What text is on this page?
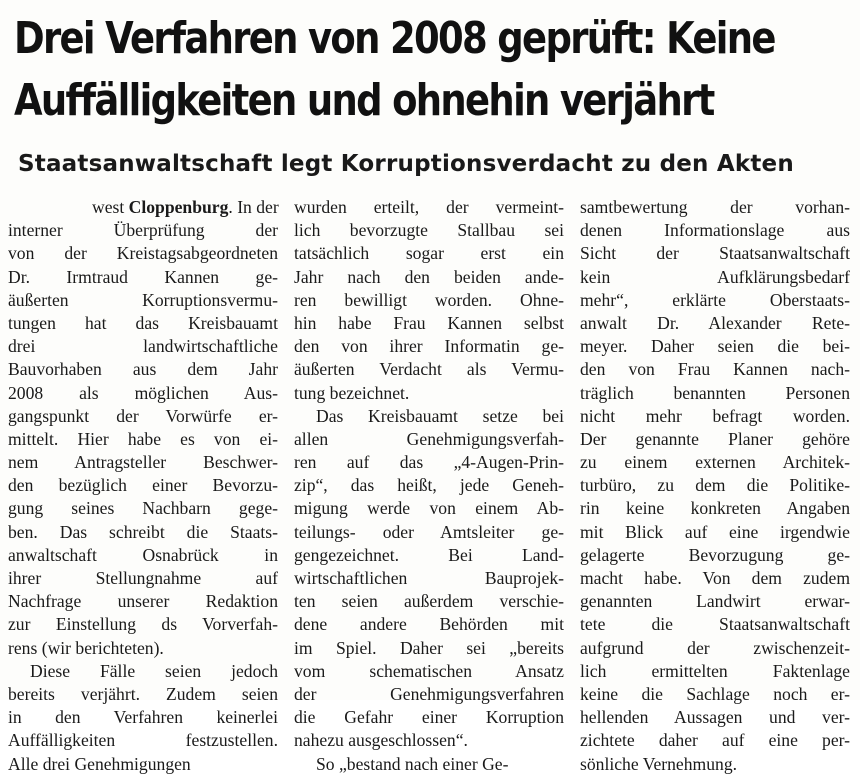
Drei Verfahren von 2008 geprüft: Keine
Auffälligkeiten und ohnehin verjährt
Staatsanwaltschaft legt Korruptionsverdacht zu den Akten
west Cloppenburg. In der
interner Überprüfung der
von der Kreistagsabgeordneten
Dr. Irmtraud Kannen ge-
äußerten Korruptionsvermu-
tungen hat das Kreisbauamt
drei landwirtschaftliche
Bauvorhaben aus dem Jahr
2008 als möglichen Aus-
gangspunkt der Vorwürfe er-
mittelt. Hier habe es von ei-
nem Antragsteller Beschwer-
den bezüglich einer Bevorzu-
gung seines Nachbarn gege-
ben. Das schreibt die Staats-
anwaltschaft Osnabrück in
ihrer Stellungnahme auf
Nachfrage unserer Redaktion
zur Einstellung ds Vorverfah-
rens (wir berichteten).
Diese Fälle seien jedoch
bereits verjährt. Zudem seien
in den Verfahren keinerlei
Auffälligkeiten festzustellen.
Alle drei Genehmigungen
wurden erteilt, der vermeint-
lich bevorzugte Stallbau sei
tatsächlich sogar erst ein
Jahr nach den beiden ande-
ren bewilligt worden. Ohne-
hin habe Frau Kannen selbst
den von ihrer Informatin ge-
äußerten Verdacht als Vermu-
tung bezeichnet.
Das Kreisbauamt setze bei
allen Genehmigungsverfah-
ren auf das „4-Augen-Prin-
zip“, das heißt, jede Geneh-
migung werde von einem Ab-
teilungs- oder Amtsleiter ge-
gengezeichnet. Bei Land-
wirtschaftlichen Bauprojek-
ten seien außerdem verschie-
dene andere Behörden mit
im Spiel. Daher sei „bereits
vom schematischen Ansatz
der Genehmigungsverfahren
die Gefahr einer Korruption
nahezu ausgeschlossen“.
So „bestand nach einer Ge-
samtbewertung der vorhan-
denen Informationslage aus
Sicht der Staatsanwaltschaft
kein Aufklärungsbedarf
mehr“, erklärte Oberstaats-
anwalt Dr. Alexander Rete-
meyer. Daher seien die bei-
den von Frau Kannen nach-
träglich benannten Personen
nicht mehr befragt worden.
Der genannte Planer gehöre
zu einem externen Architek-
turbüro, zu dem die Politike-
rin keine konkreten Angaben
mit Blick auf eine irgendwie
gelagerte Bevorzugung ge-
macht habe. Von dem zudem
genannten Landwirt erwar-
tete die Staatsanwaltschaft
aufgrund der zwischenzeit-
lich ermittelten Faktenlage
keine die Sachlage noch er-
hellenden Aussagen und ver-
zichtete daher auf eine per-
sönliche Vernehmung.
